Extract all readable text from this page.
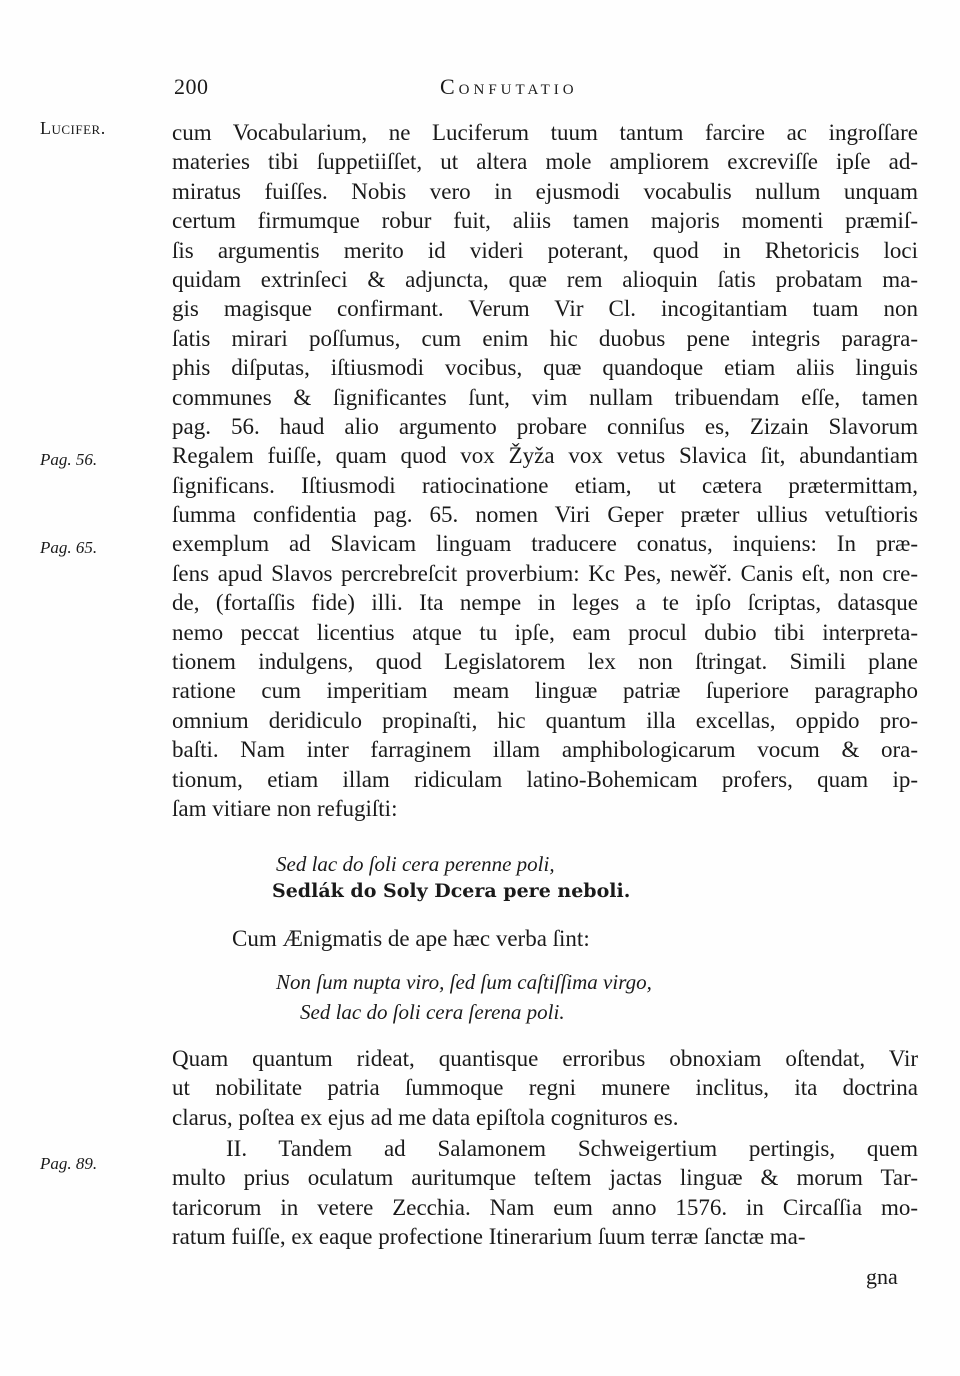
200	Confutatio
Lucifer.
Pag. 56.
Pag. 65.
Pag. 89.
cum Vocabularium, ne Luciferum tuum tantum farcire ac ingroſſare
materies tibi ſuppetiiſſet, ut altera mole ampliorem excreviſſe ipſe ad-
miratus fuiſſes. Nobis vero in ejusmodi vocabulis nullum unquam
certum firmumque robur fuit, aliis tamen majoris momenti præmiſ-
ſis argumentis merito id videri poterant, quod in Rhetoricis loci
quidam extrinſeci & adjuncta, quæ rem alioquin ſatis probatam ma-
gis magisque confirmant. Verum Vir Cl. incogitantiam tuam non
ſatis mirari poſſumus, cum enim hic duobus pene integris paragra-
phis diſputas, iſtiusmodi vocibus, quæ quandoque etiam aliis linguis
communes & ſignificantes ſunt, vim nullam tribuendam eſſe, tamen
pag. 56. haud alio argumento probare conniſus es, Zizain Slavorum
Regalem fuiſſe, quam quod vox Žyža vox vetus Slavica ſit, abundantiam
ſignificans. Iſtiusmodi ratiocinatione etiam, ut cætera prætermittam,
ſumma confidentia pag. 65. nomen Viri Geper præter ullius vetuſtioris
exemplum ad Slavicam linguam traducere conatus, inquiens: In præ-
ſens apud Slavos percrebreſcit proverbium: Kc Pes, newěř. Canis eſt, non cre-
de, (fortaſſis fide) illi. Ita nempe in leges a te ipſo ſcriptas, datasque
nemo peccat licentius atque tu ipſe, eam procul dubio tibi interpreta-
tionem indulgens, quod Legislatorem lex non ſtringat. Simili plane
ratione cum imperitiam meam linguæ patriæ ſuperiore paragrapho
omnium deridiculo propinaſti, hic quantum illa excellas, oppido pro-
baſti. Nam inter farraginem illam amphibologicarum vocum & ora-
tionum, etiam illam ridiculam latino-Bohemicam profers, quam ip-
ſam vitiare non refugiſti:
Sed lac do ſoli cera perenne poli,
Sedlák do Soly Dcera pere neboli.
Cum Ænigmatis de ape hæc verba ſint:
Non ſum nupta viro, ſed ſum caſtiſſima virgo,
Sed lac do ſoli cera ſerena poli.
Quam quantum rideat, quantisque erroribus obnoxiam oſtendat, Vir
ut nobilitate patria ſummoque regni munere inclitus, ita doctrina
clarus, poſtea ex ejus ad me data epiſtola cognituros es.
II. Tandem ad Salamonem Schweigertium pertingis, quem
multo prius oculatum auritumque teſtem jactas linguæ & morum Tar-
taricorum in vetere Zecchia. Nam eum anno 1576. in Circaſſia mo-
ratum fuiſſe, ex eaque profectione Itinerarium ſuum terræ ſanctæ ma-
gna
